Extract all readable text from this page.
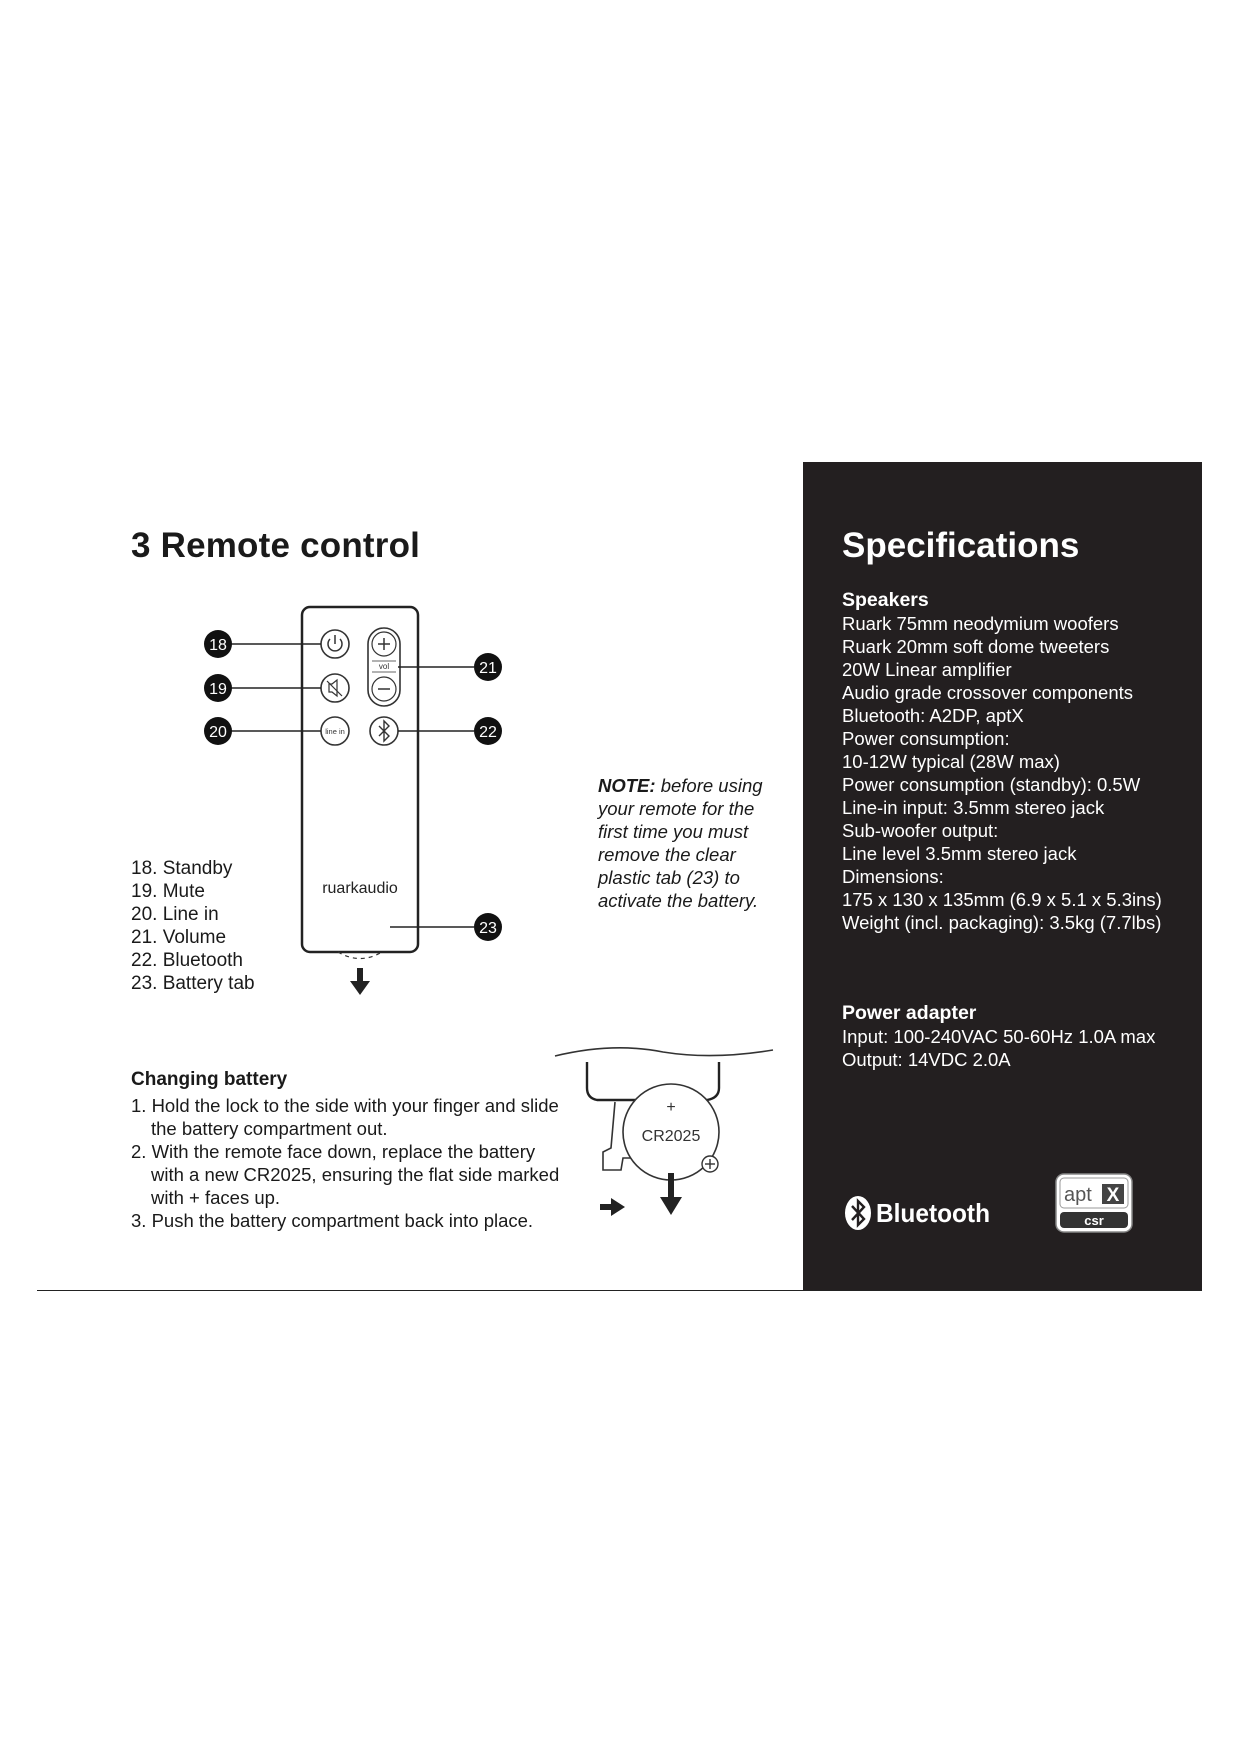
3 Remote control
vol
line in
ruarkaudio
18
19
20
21
22
23
18. Standby
19. Mute
20. Line in
21. Volume
22. Bluetooth
23. Battery tab
NOTE: before using your remote for the first time you must remove the clear plastic tab (23) to activate the battery.
Changing battery
1. Hold the lock to the side with your finger and slide the battery compartment out.
2. With the remote face down, replace the battery with a new CR2025, ensuring the flat side marked with + faces up.
3. Push the battery compartment back into place.
+
CR2025
Specifications
Speakers
Ruark 75mm neodymium woofers
Ruark 20mm soft dome tweeters
20W Linear amplifier
Audio grade crossover components
Bluetooth: A2DP, aptX
Power consumption:
10-12W typical (28W max)
Power consumption (standby): 0.5W
Line-in input: 3.5mm stereo jack
Sub-woofer output:
Line level 3.5mm stereo jack
Dimensions:
175 x 130 x 135mm (6.9 x 5.1 x 5.3ins)
Weight (incl. packaging): 3.5kg (7.7lbs)
Power adapter
Input: 100-240VAC 50-60Hz 1.0A max
Output: 14VDC 2.0A
Bluetooth
apt X
csr
